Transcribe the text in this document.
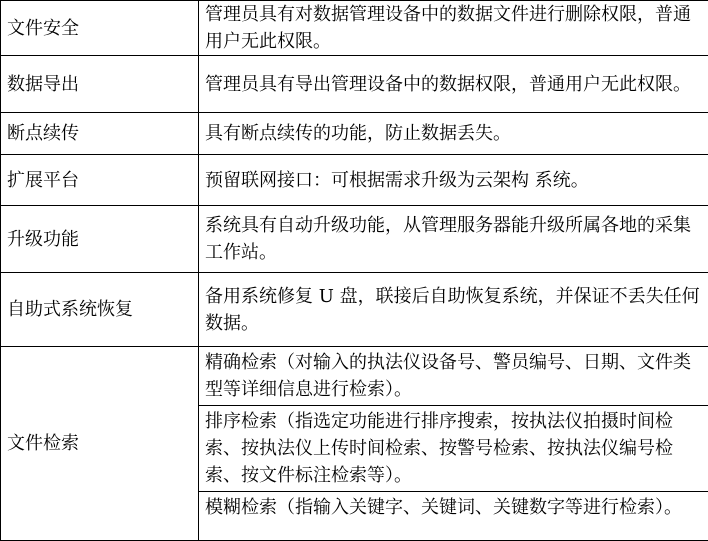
文件安全	管理员具有对数据管理设备中的数据文件进行删除权限，普通用户无此权限。
数据导出	管理员具有导出管理设备中的数据权限，普通用户无此权限。
断点续传	具有断点续传的功能，防止数据丢失。
扩展平台	预留联网接口：可根据需求升级为云架构 系统。
升级功能	系统具有自动升级功能，从管理服务器能升级所属各地的采集工作站。
自助式系统恢复	备用系统修复 U 盘，联接后自助恢复系统，并保证不丢失任何数据。
文件检索	精确检索（对输入的执法仪设备号、警员编号、日期、文件类型等详细信息进行检索）。
排序检索（指选定功能进行排序搜索，按执法仪拍摄时间检索、按执法仪上传时间检索、按警号检索、按执法仪编号检索、按文件标注检索等）。
模糊检索（指输入关键字、关键词、关键数字等进行检索）。
